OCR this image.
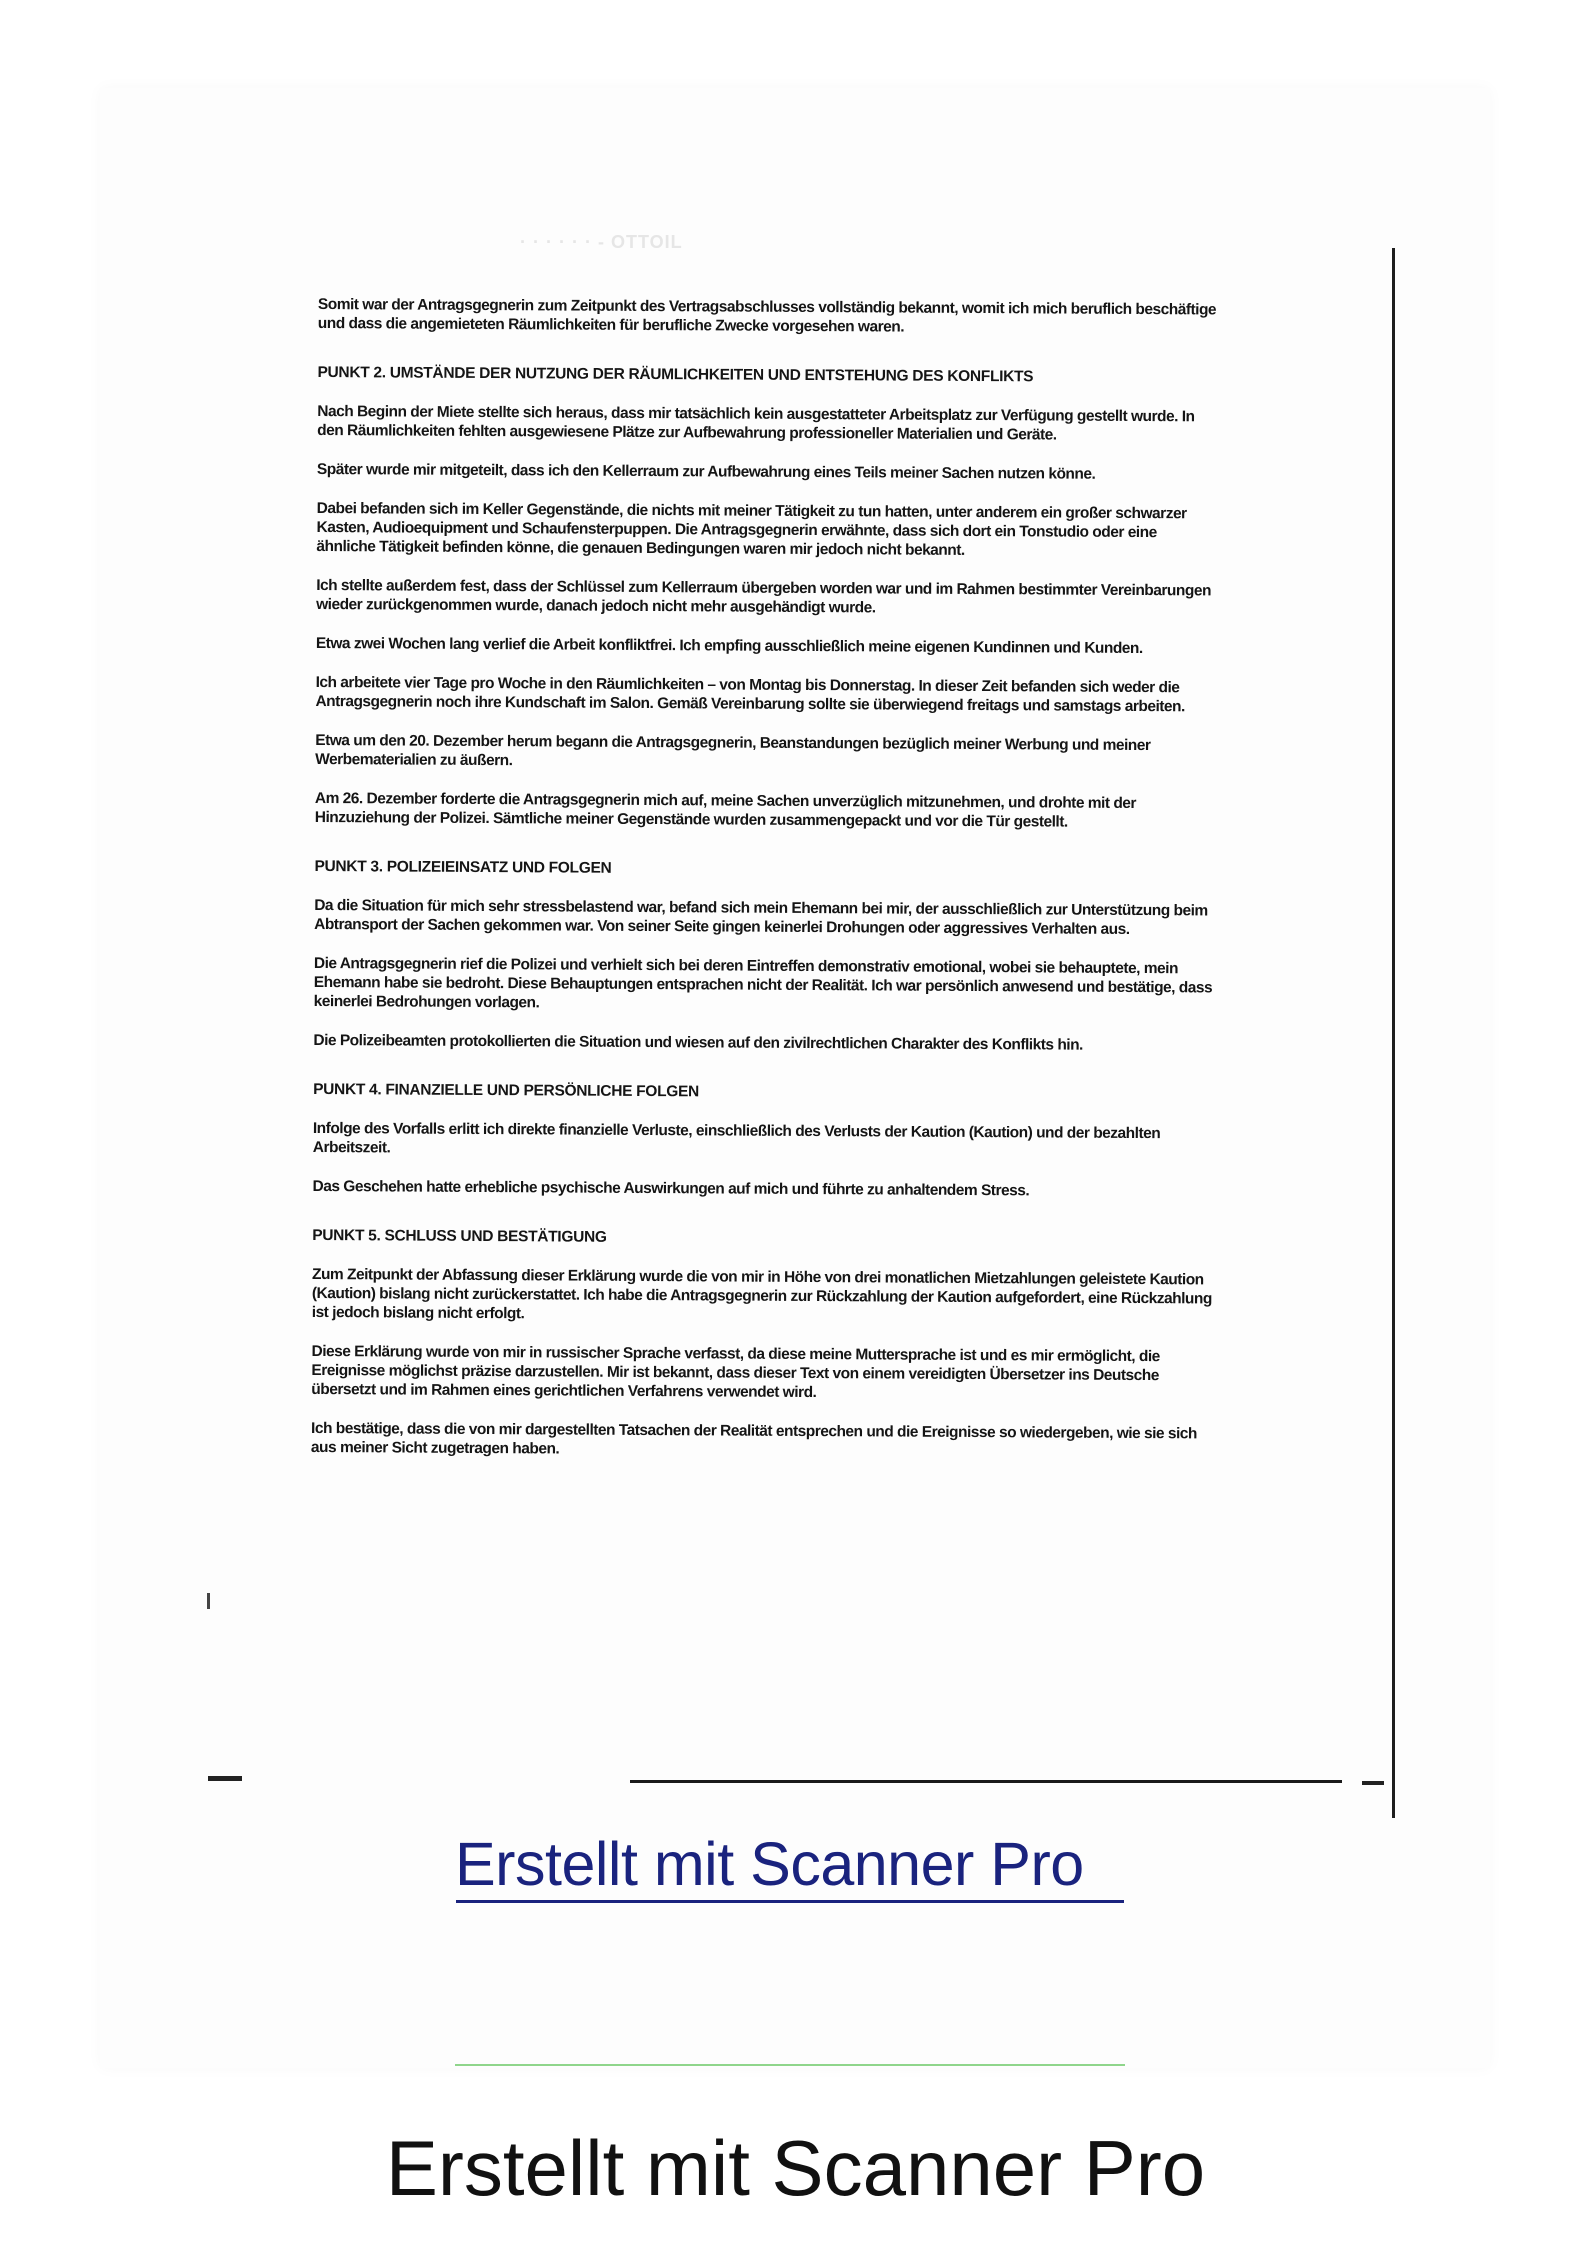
· · · · · · - OTTOIL

Somit war der Antragsgegnerin zum Zeitpunkt des Vertragsabschlusses vollständig bekannt, womit ich mich beruflich beschäftige und dass die angemieteten Räumlichkeiten für berufliche Zwecke vorgesehen waren.

PUNKT 2. UMSTÄNDE DER NUTZUNG DER RÄUMLICHKEITEN UND ENTSTEHUNG DES KONFLIKTS

Nach Beginn der Miete stellte sich heraus, dass mir tatsächlich kein ausgestatteter Arbeitsplatz zur Verfügung gestellt wurde. In den Räumlichkeiten fehlten ausgewiesene Plätze zur Aufbewahrung professioneller Materialien und Geräte.

Später wurde mir mitgeteilt, dass ich den Kellerraum zur Aufbewahrung eines Teils meiner Sachen nutzen könne.

Dabei befanden sich im Keller Gegenstände, die nichts mit meiner Tätigkeit zu tun hatten, unter anderem ein großer schwarzer Kasten, Audioequipment und Schaufensterpuppen. Die Antragsgegnerin erwähnte, dass sich dort ein Tonstudio oder eine ähnliche Tätigkeit befinden könne, die genauen Bedingungen waren mir jedoch nicht bekannt.

Ich stellte außerdem fest, dass der Schlüssel zum Kellerraum übergeben worden war und im Rahmen bestimmter Vereinbarungen wieder zurückgenommen wurde, danach jedoch nicht mehr ausgehändigt wurde.

Etwa zwei Wochen lang verlief die Arbeit konfliktfrei. Ich empfing ausschließlich meine eigenen Kundinnen und Kunden.

Ich arbeitete vier Tage pro Woche in den Räumlichkeiten – von Montag bis Donnerstag. In dieser Zeit befanden sich weder die Antragsgegnerin noch ihre Kundschaft im Salon. Gemäß Vereinbarung sollte sie überwiegend freitags und samstags arbeiten.

Etwa um den 20. Dezember herum begann die Antragsgegnerin, Beanstandungen bezüglich meiner Werbung und meiner Werbematerialien zu äußern.

Am 26. Dezember forderte die Antragsgegnerin mich auf, meine Sachen unverzüglich mitzunehmen, und drohte mit der Hinzuziehung der Polizei. Sämtliche meiner Gegenstände wurden zusammengepackt und vor die Tür gestellt.

PUNKT 3. POLIZEIEINSATZ UND FOLGEN

Da die Situation für mich sehr stressbelastend war, befand sich mein Ehemann bei mir, der ausschließlich zur Unterstützung beim Abtransport der Sachen gekommen war. Von seiner Seite gingen keinerlei Drohungen oder aggressives Verhalten aus.

Die Antragsgegnerin rief die Polizei und verhielt sich bei deren Eintreffen demonstrativ emotional, wobei sie behauptete, mein Ehemann habe sie bedroht. Diese Behauptungen entsprachen nicht der Realität. Ich war persönlich anwesend und bestätige, dass keinerlei Bedrohungen vorlagen.

Die Polizeibeamten protokollierten die Situation und wiesen auf den zivilrechtlichen Charakter des Konflikts hin.

PUNKT 4. FINANZIELLE UND PERSÖNLICHE FOLGEN

Infolge des Vorfalls erlitt ich direkte finanzielle Verluste, einschließlich des Verlusts der Kaution (Kaution) und der bezahlten Arbeitszeit.

Das Geschehen hatte erhebliche psychische Auswirkungen auf mich und führte zu anhaltendem Stress.

PUNKT 5. SCHLUSS UND BESTÄTIGUNG

Zum Zeitpunkt der Abfassung dieser Erklärung wurde die von mir in Höhe von drei monatlichen Mietzahlungen geleistete Kaution (Kaution) bislang nicht zurückerstattet. Ich habe die Antragsgegnerin zur Rückzahlung der Kaution aufgefordert, eine Rückzahlung ist jedoch bislang nicht erfolgt.

Diese Erklärung wurde von mir in russischer Sprache verfasst, da diese meine Muttersprache ist und es mir ermöglicht, die Ereignisse möglichst präzise darzustellen. Mir ist bekannt, dass dieser Text von einem vereidigten Übersetzer ins Deutsche übersetzt und im Rahmen eines gerichtlichen Verfahrens verwendet wird.

Ich bestätige, dass die von mir dargestellten Tatsachen der Realität entsprechen und die Ereignisse so wiedergeben, wie sie sich aus meiner Sicht zugetragen haben.

Erstellt mit Scanner Pro
Erstellt mit Scanner Pro
